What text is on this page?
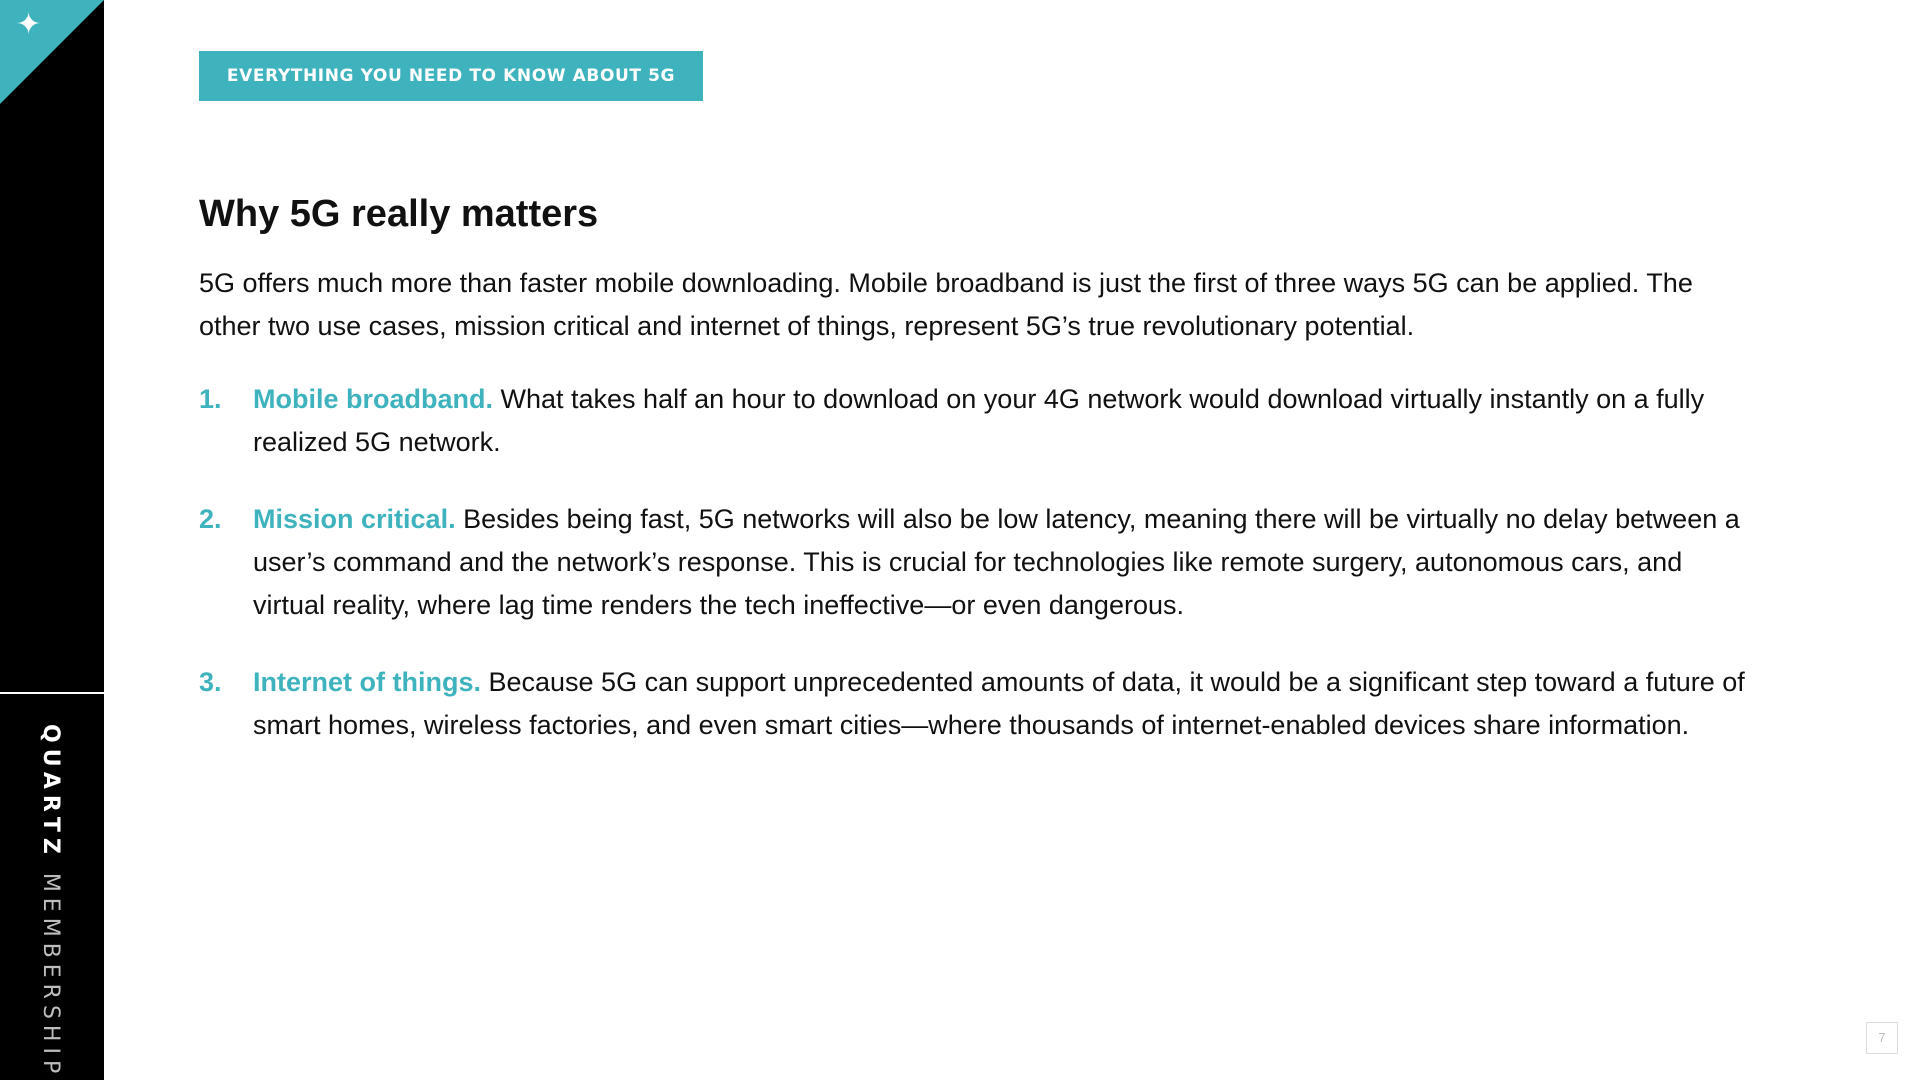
✦
QUARTZ MEMBERSHIP
EVERYTHING YOU NEED TO KNOW ABOUT 5G
Why 5G really matters

5G offers much more than faster mobile downloading. Mobile broadband is just the first of three ways 5G can be applied. The other two use cases, mission critical and internet of things, represent 5G’s true revolutionary potential.

1. Mobile broadband. What takes half an hour to download on your 4G network would download virtually instantly on a fully realized 5G network.
2. Mission critical. Besides being fast, 5G networks will also be low latency, meaning there will be virtually no delay between a user’s command and the network’s response. This is crucial for technologies like remote surgery, autonomous cars, and virtual reality, where lag time renders the tech ineffective—or even dangerous.
3. Internet of things. Because 5G can support unprecedented amounts of data, it would be a significant step toward a future of smart homes, wireless factories, and even smart cities—where thousands of internet-enabled devices share information.
7
